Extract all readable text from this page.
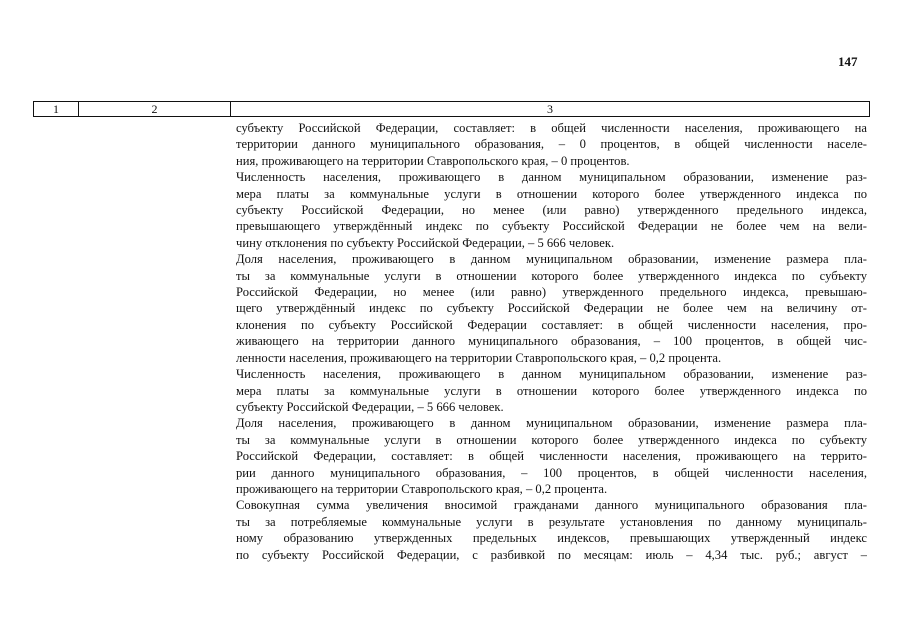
147
1	2	3
субъекту Российской Федерации, составляет: в общей численности населения, проживающего на
территории данного муниципального образования, – 0 процентов, в общей численности населе-
ния, проживающего на территории Ставропольского края, – 0 процентов.
Численность населения, проживающего в данном муниципальном образовании, изменение раз-
мера платы за коммунальные услуги в отношении которого более утвержденного индекса по
субъекту Российской Федерации, но менее (или равно) утвержденного предельного индекса,
превышающего утверждённый индекс по субъекту Российской Федерации не более чем на вели-
чину отклонения по субъекту Российской Федерации, – 5 666 человек.
Доля населения, проживающего в данном муниципальном образовании, изменение размера пла-
ты за коммунальные услуги в отношении которого более утвержденного индекса по субъекту
Российской Федерации, но менее (или равно) утвержденного предельного индекса, превышаю-
щего утверждённый индекс по субъекту Российской Федерации не более чем на величину от-
клонения по субъекту Российской Федерации составляет: в общей численности населения, про-
живающего на территории данного муниципального образования, – 100 процентов, в общей чис-
ленности населения, проживающего на территории Ставропольского края, – 0,2 процента.
Численность населения, проживающего в данном муниципальном образовании, изменение раз-
мера платы за коммунальные услуги в отношении которого более утвержденного индекса по
субъекту Российской Федерации, – 5 666 человек.
Доля населения, проживающего в данном муниципальном образовании, изменение размера пла-
ты за коммунальные услуги в отношении которого более утвержденного индекса по субъекту
Российской Федерации, составляет: в общей численности населения, проживающего на террито-
рии данного муниципального образования, – 100 процентов, в общей численности населения,
проживающего на территории Ставропольского края, – 0,2 процента.
Совокупная сумма увеличения вносимой гражданами данного муниципального образования пла-
ты за потребляемые коммунальные услуги в результате установления по данному муниципаль-
ному образованию утвержденных предельных индексов, превышающих утвержденный индекс
по субъекту Российской Федерации, с разбивкой по месяцам: июль – 4,34 тыс. руб.; август –
